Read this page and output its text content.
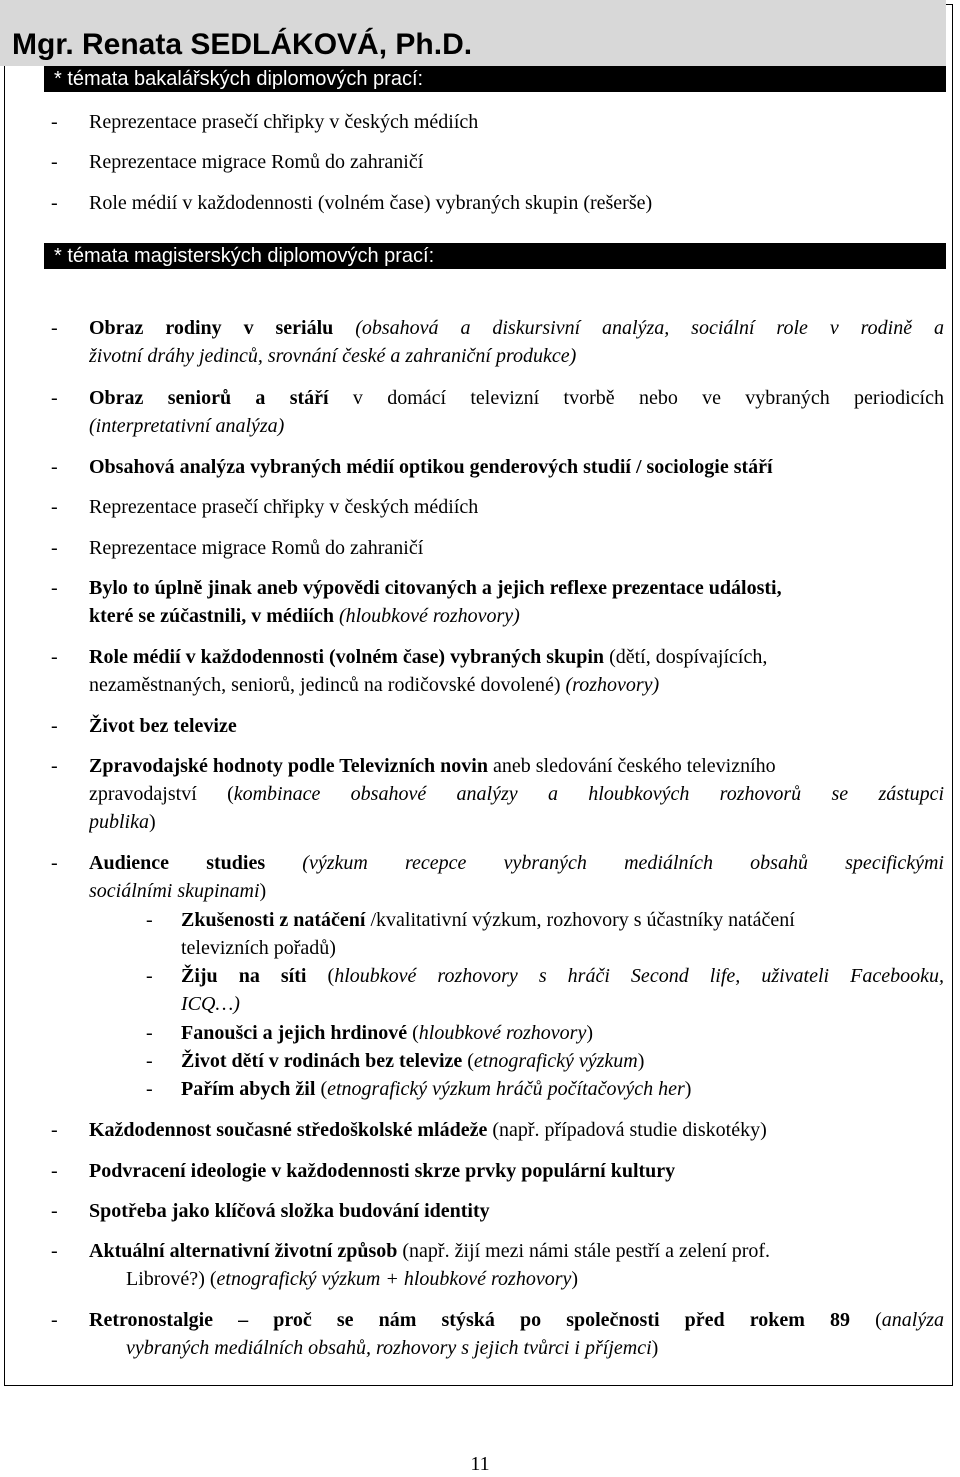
Mgr. Renata SEDLÁKOVÁ, Ph.D.
* témata bakalářských diplomových prací:
- Reprezentace prasečí chřipky v českých médiích
- Reprezentace migrace Romů do zahraničí
- Role médií v každodennosti (volném čase) vybraných skupin (rešerše)
* témata magisterských diplomových prací:
- Obraz rodiny v seriálu (obsahová a diskursivní analýza, sociální role v rodině a
životní dráhy jedinců, srovnání české a zahraniční produkce)
- Obraz seniorů a stáří v domácí televizní tvorbě nebo ve vybraných periodicích
(interpretativní analýza)
- Obsahová analýza vybraných médií optikou genderových studií / sociologie stáří
- Reprezentace prasečí chřipky v českých médiích
- Reprezentace migrace Romů do zahraničí
- Bylo to úplně jinak aneb výpovědi citovaných a jejich reflexe prezentace události,
které se zúčastnili, v médiích (hloubkové rozhovory)
- Role médií v každodennosti (volném čase) vybraných skupin (dětí, dospívajících,
nezaměstnaných, seniorů, jedinců na rodičovské dovolené) (rozhovory)
- Život bez televize
- Zpravodajské hodnoty podle Televizních novin aneb sledování českého televizního
zpravodajství (kombinace obsahové analýzy a hloubkových rozhovorů se zástupci
publika)
- Audience studies (výzkum recepce vybraných mediálních obsahů specifickými
sociálními skupinami)
- Zkušenosti z natáčení /kvalitativní výzkum, rozhovory s účastníky natáčení
televizních pořadů)
- Žiju na síti (hloubkové rozhovory s hráči Second life, uživateli Facebooku,
ICQ…)
- Fanoušci a jejich hrdinové (hloubkové rozhovory)
- Život dětí v rodinách bez televize (etnografický výzkum)
- Pařím abych žil (etnografický výzkum hráčů počítačových her)
- Každodennost současné středoškolské mládeže (např. případová studie diskotéky)
- Podvracení ideologie v každodennosti skrze prvky populární kultury
- Spotřeba jako klíčová složka budování identity
- Aktuální alternativní životní způsob (např. žijí mezi námi stále pestří a zelení prof.
Librové?) (etnografický výzkum + hloubkové rozhovory)
- Retronostalgie – proč se nám stýská po společnosti před rokem 89 (analýza
vybraných mediálních obsahů, rozhovory s jejich tvůrci i příjemci)
11
